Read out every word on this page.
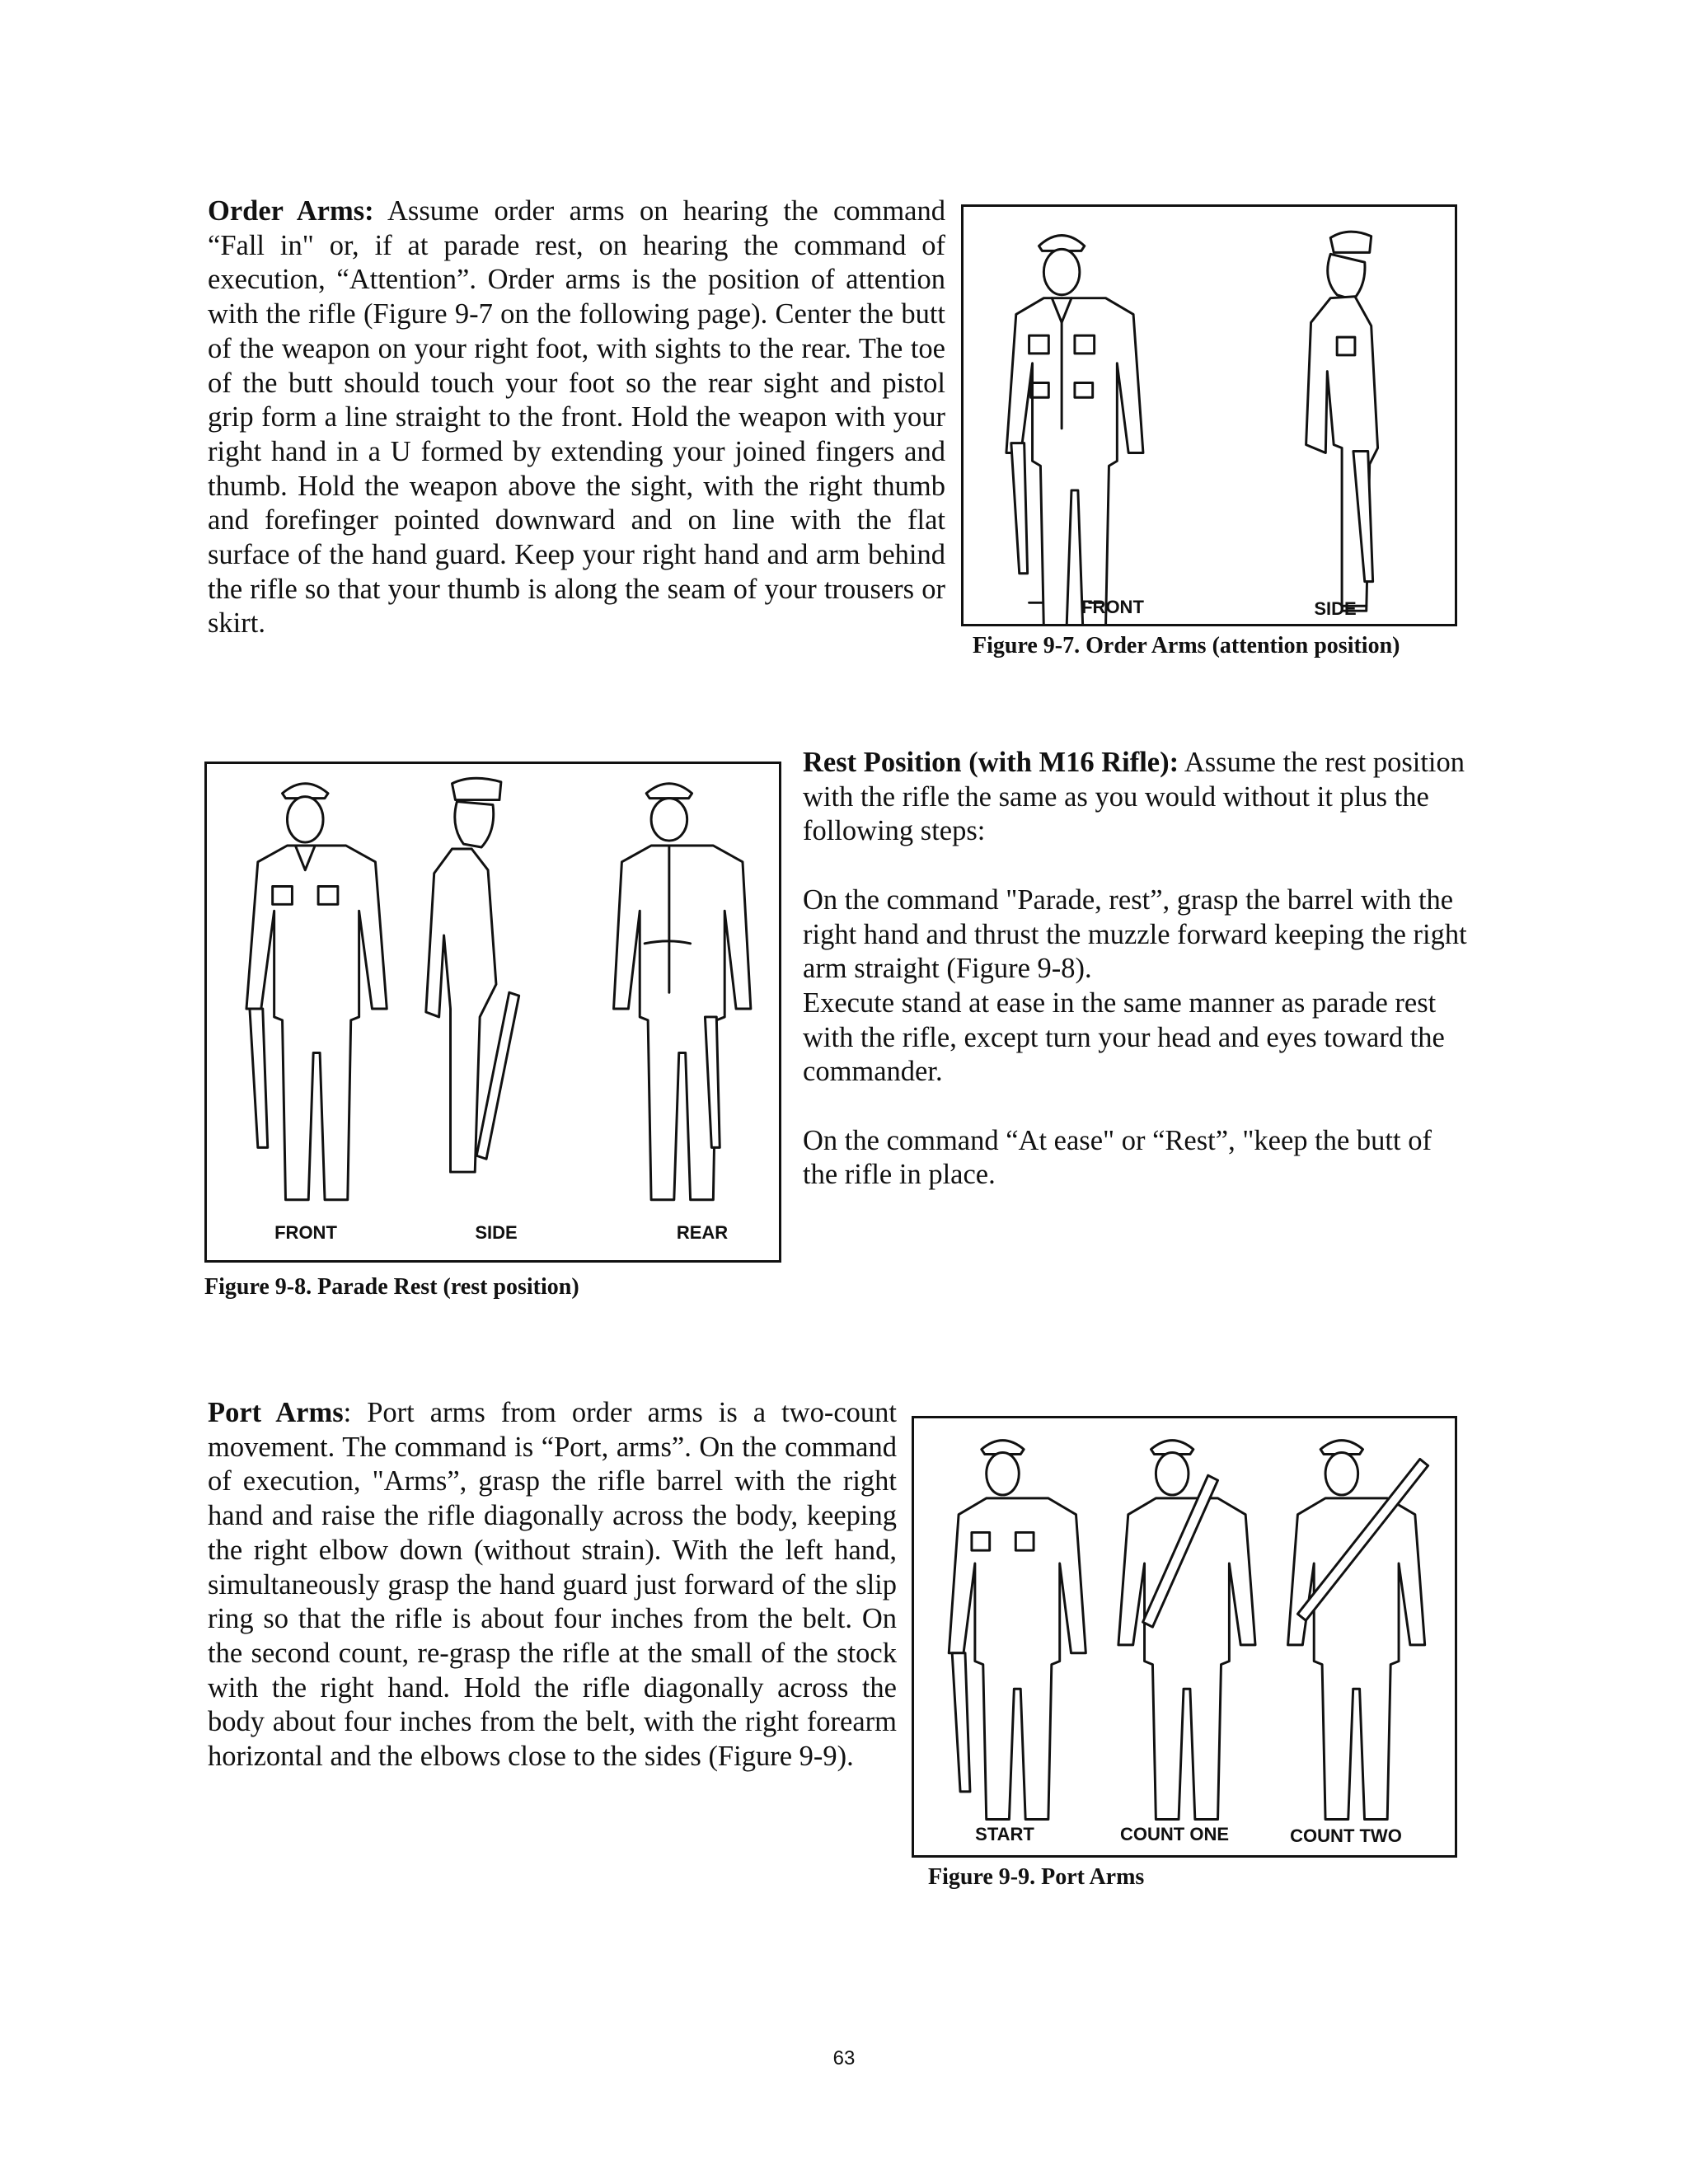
Order Arms: Assume order arms on hearing the command “Fall in" or, if at parade rest, on hearing the command of execution, “Attention”. Order arms is the position of attention with the rifle (Figure 9-7 on the following page). Center the butt of the weapon on your right foot, with sights to the rear. The toe of the butt should touch your foot so the rear sight and pistol grip form a line straight to the front. Hold the weapon with your right hand in a U formed by extending your joined fingers and thumb. Hold the weapon above the sight, with the right thumb and forefinger pointed downward and on line with the flat surface of the hand guard. Keep your right hand and arm behind the rifle so that your thumb is along the seam of your trousers or skirt.

FRONT	SIDE
Figure 9-7. Order Arms (attention position)
FRONT	SIDE	REAR
Figure 9-8. Parade Rest (rest position)

Rest Position (with M16 Rifle): Assume the rest position with the rifle the same as you would without it plus the following steps:

On the command "Parade, rest”, grasp the barrel with the right hand and thrust the muzzle forward keeping the right arm straight (Figure 9-8).

Execute stand at ease in the same manner as parade rest with the rifle, except turn your head and eyes toward the commander.

On the command “At ease" or “Rest”, "keep the butt of the rifle in place.

Port Arms: Port arms from order arms is a two-count movement. The command is “Port, arms”. On the command of execution, "Arms”, grasp the rifle barrel with the right hand and raise the rifle diagonally across the body, keeping the right elbow down (without strain). With the left hand, simultaneously grasp the hand guard just forward of the slip ring so that the rifle is about four inches from the belt. On the second count, re-grasp the rifle at the small of the stock with the right hand. Hold the rifle diagonally across the body about four inches from the belt, with the right forearm horizontal and the elbows close to the sides (Figure 9-9).

START	COUNT ONE	COUNT TWO
Figure 9-9. Port Arms
63
